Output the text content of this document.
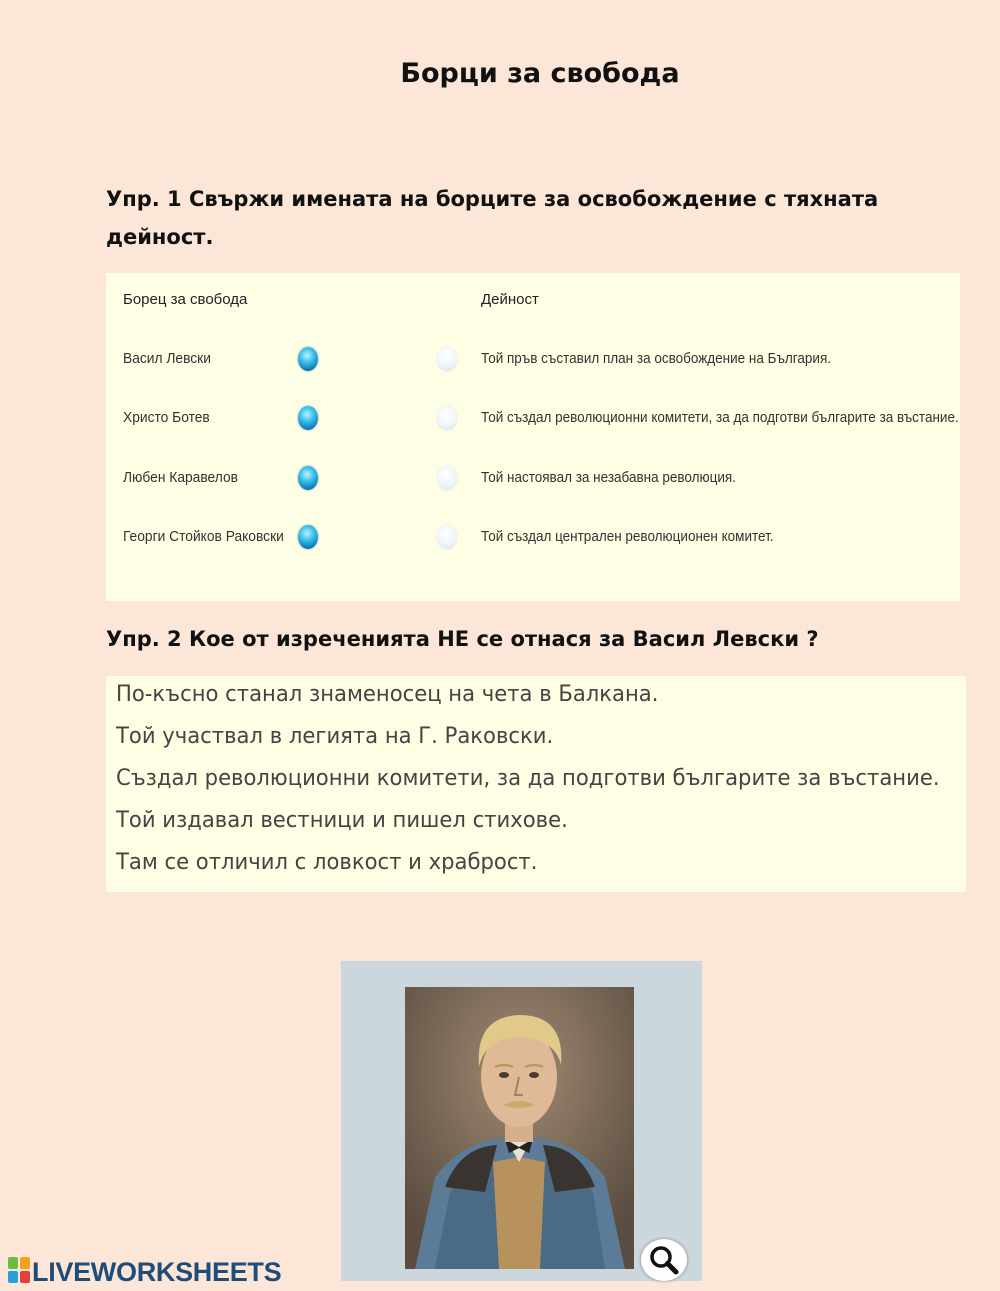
Борци за свобода
Упр. 1 Свържи имената на борците за освобождение с тяхната дейност.
Борец за свобода	Дейност
Васил Левски	Той пръв съставил план за освобождение на България.
Христо Ботев	Той създал революционни комитети, за да подготви българите за въстание.
Любен Каравелов	Той настоявал за незабавна революция.
Георги Стойков Раковски	Той създал централен революционен комитет.
Упр. 2 Кое от изреченията НЕ се отнася за Васил Левски ?
По-късно станал знаменосец на чета в Балкана.
Той участвал в легията на Г. Раковски.
Създал революционни комитети, за да подготви българите за въстание.
Той издавал вестници и пишел стихове.
Там се отличил с ловкост и храброст.
LIVEWORKSHEETS
